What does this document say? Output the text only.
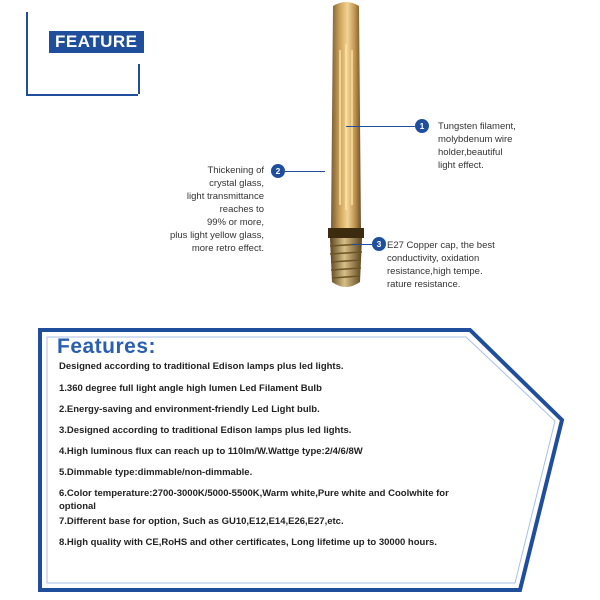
FEATURE
1
2
3
Tungsten filament,
molybdenum wire
holder,beautiful
light effect.
Thickening of
crystal glass,
light transmittance
reaches to
99% or more,
plus light yellow glass,
more retro effect.	E27 Copper cap, the best
conductivity, oxidation
resistance,high tempe.
rature resistance.
Features:
Designed according to traditional Edison lamps plus led lights.

1.360 degree full light angle high lumen Led Filament Bulb

2.Energy-saving and environment-friendly Led Light bulb.

3.Designed according to traditional Edison lamps plus led lights.

4.High luminous flux can reach up to 110lm/W.Wattge type:2/4/6/8W

5.Dimmable type:dimmable/non-dimmable.

6.Color temperature:2700-3000K/5000-5500K,Warm white,Pure white and Coolwhite for optional

7.Different base for option, Such as GU10,E12,E14,E26,E27,etc.

8.High quality with CE,RoHS and other certificates, Long lifetime up to 30000 hours.
